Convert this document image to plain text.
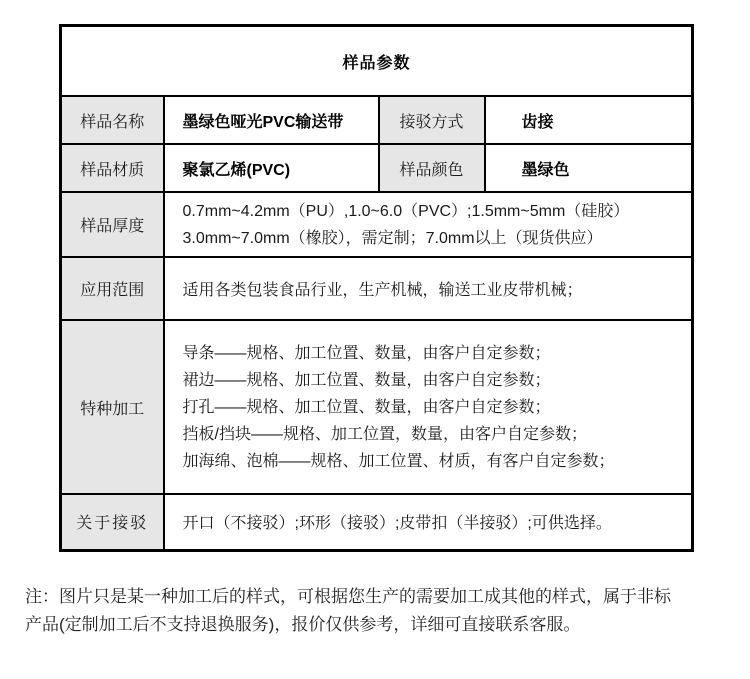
样品参数			
样品名称	墨绿色哑光PVC输送带	接驳方式	齿接
样品材质	聚氯乙烯(PVC)	样品颜色	墨绿色
样品厚度	0.7mm~4.2mm（PU）,1.0~6.0（PVC）;1.5mm~5mm（硅胶）
3.0mm~7.0mm（橡胶），需定制；7.0mm以上（现货供应）		

应用范围	适用各类包装食品行业，生产机械，输送工业皮带机械；		
特种加工	导条——规格、加工位置、数量，由客户自定参数；
裙边——规格、加工位置、数量，由客户自定参数；
打孔——规格、加工位置、数量，由客户自定参数；
挡板/挡块——规格、加工位置，数量，由客户自定参数；
加海绵、泡棉——规格、加工位置、材质，有客户自定参数；		

关于接驳	开口（不接驳）;环形（接驳）;皮带扣（半接驳）;可供选择。		
注：图片只是某一种加工后的样式，可根据您生产的需要加工成其他的样式，属于非标
产品(定制加工后不支持退换服务)，报价仅供参考，详细可直接联系客服。
